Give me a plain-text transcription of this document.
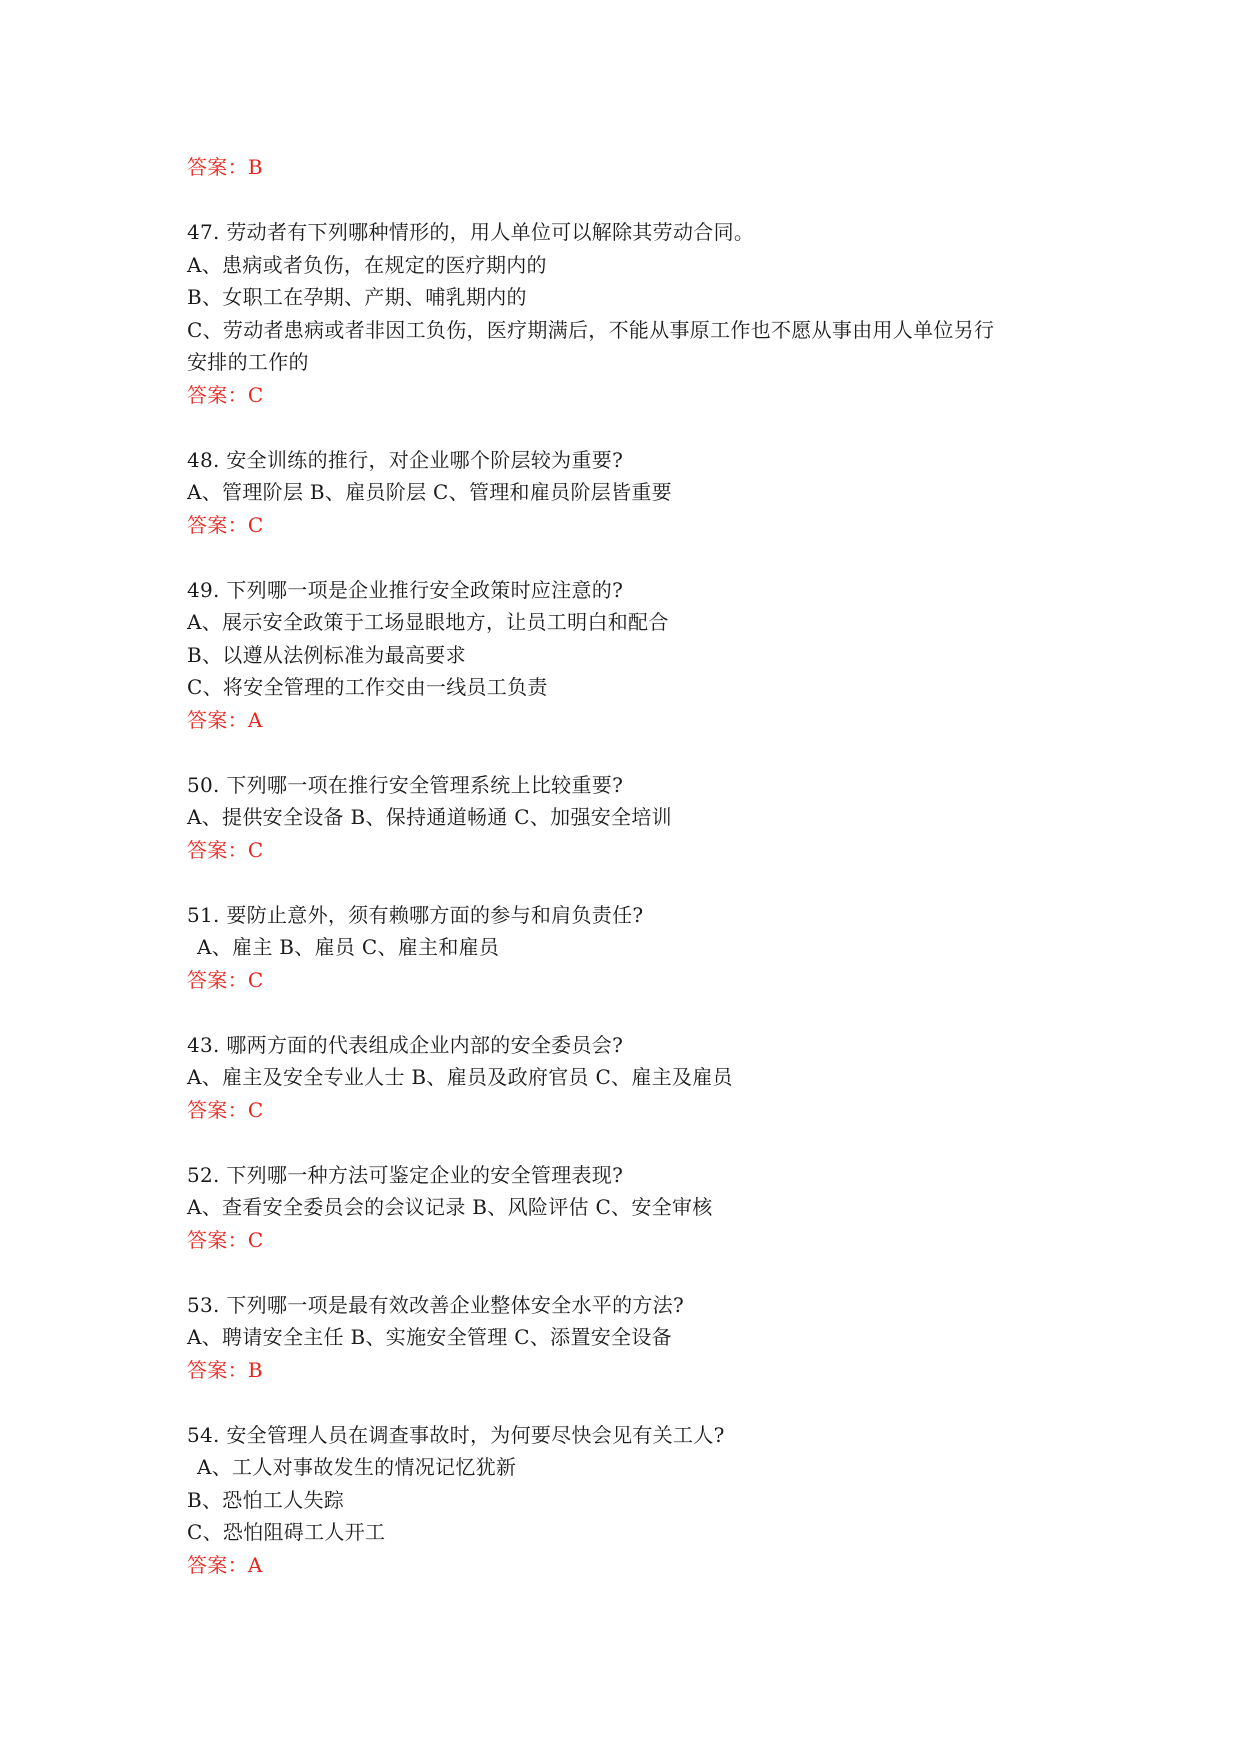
答案：B
47. 劳动者有下列哪种情形的，用人单位可以解除其劳动合同。
A、患病或者负伤，在规定的医疗期内的
B、女职工在孕期、产期、哺乳期内的
C、劳动者患病或者非因工负伤，医疗期满后，不能从事原工作也不愿从事由用人单位另行
安排的工作的
答案：C
48. 安全训练的推行，对企业哪个阶层较为重要?
A、管理阶层 B、雇员阶层 C、管理和雇员阶层皆重要
答案：C
49. 下列哪一项是企业推行安全政策时应注意的?
A、展示安全政策于工场显眼地方，让员工明白和配合
B、以遵从法例标准为最高要求
C、将安全管理的工作交由一线员工负责
答案：A
50. 下列哪一项在推行安全管理系统上比较重要?
A、提供安全设备 B、保持通道畅通 C、加强安全培训
答案：C
51. 要防止意外，须有赖哪方面的参与和肩负责任?
A、雇主 B、雇员 C、雇主和雇员
答案：C
43. 哪两方面的代表组成企业内部的安全委员会?
A、雇主及安全专业人士 B、雇员及政府官员 C、雇主及雇员
答案：C
52. 下列哪一种方法可鉴定企业的安全管理表现?
A、查看安全委员会的会议记录 B、风险评估 C、安全审核
答案：C
53. 下列哪一项是最有效改善企业整体安全水平的方法?
A、聘请安全主任 B、实施安全管理 C、添置安全设备
答案：B
54. 安全管理人员在调查事故时，为何要尽快会见有关工人?
A、工人对事故发生的情况记忆犹新
B、恐怕工人失踪
C、恐怕阻碍工人开工
答案：A
